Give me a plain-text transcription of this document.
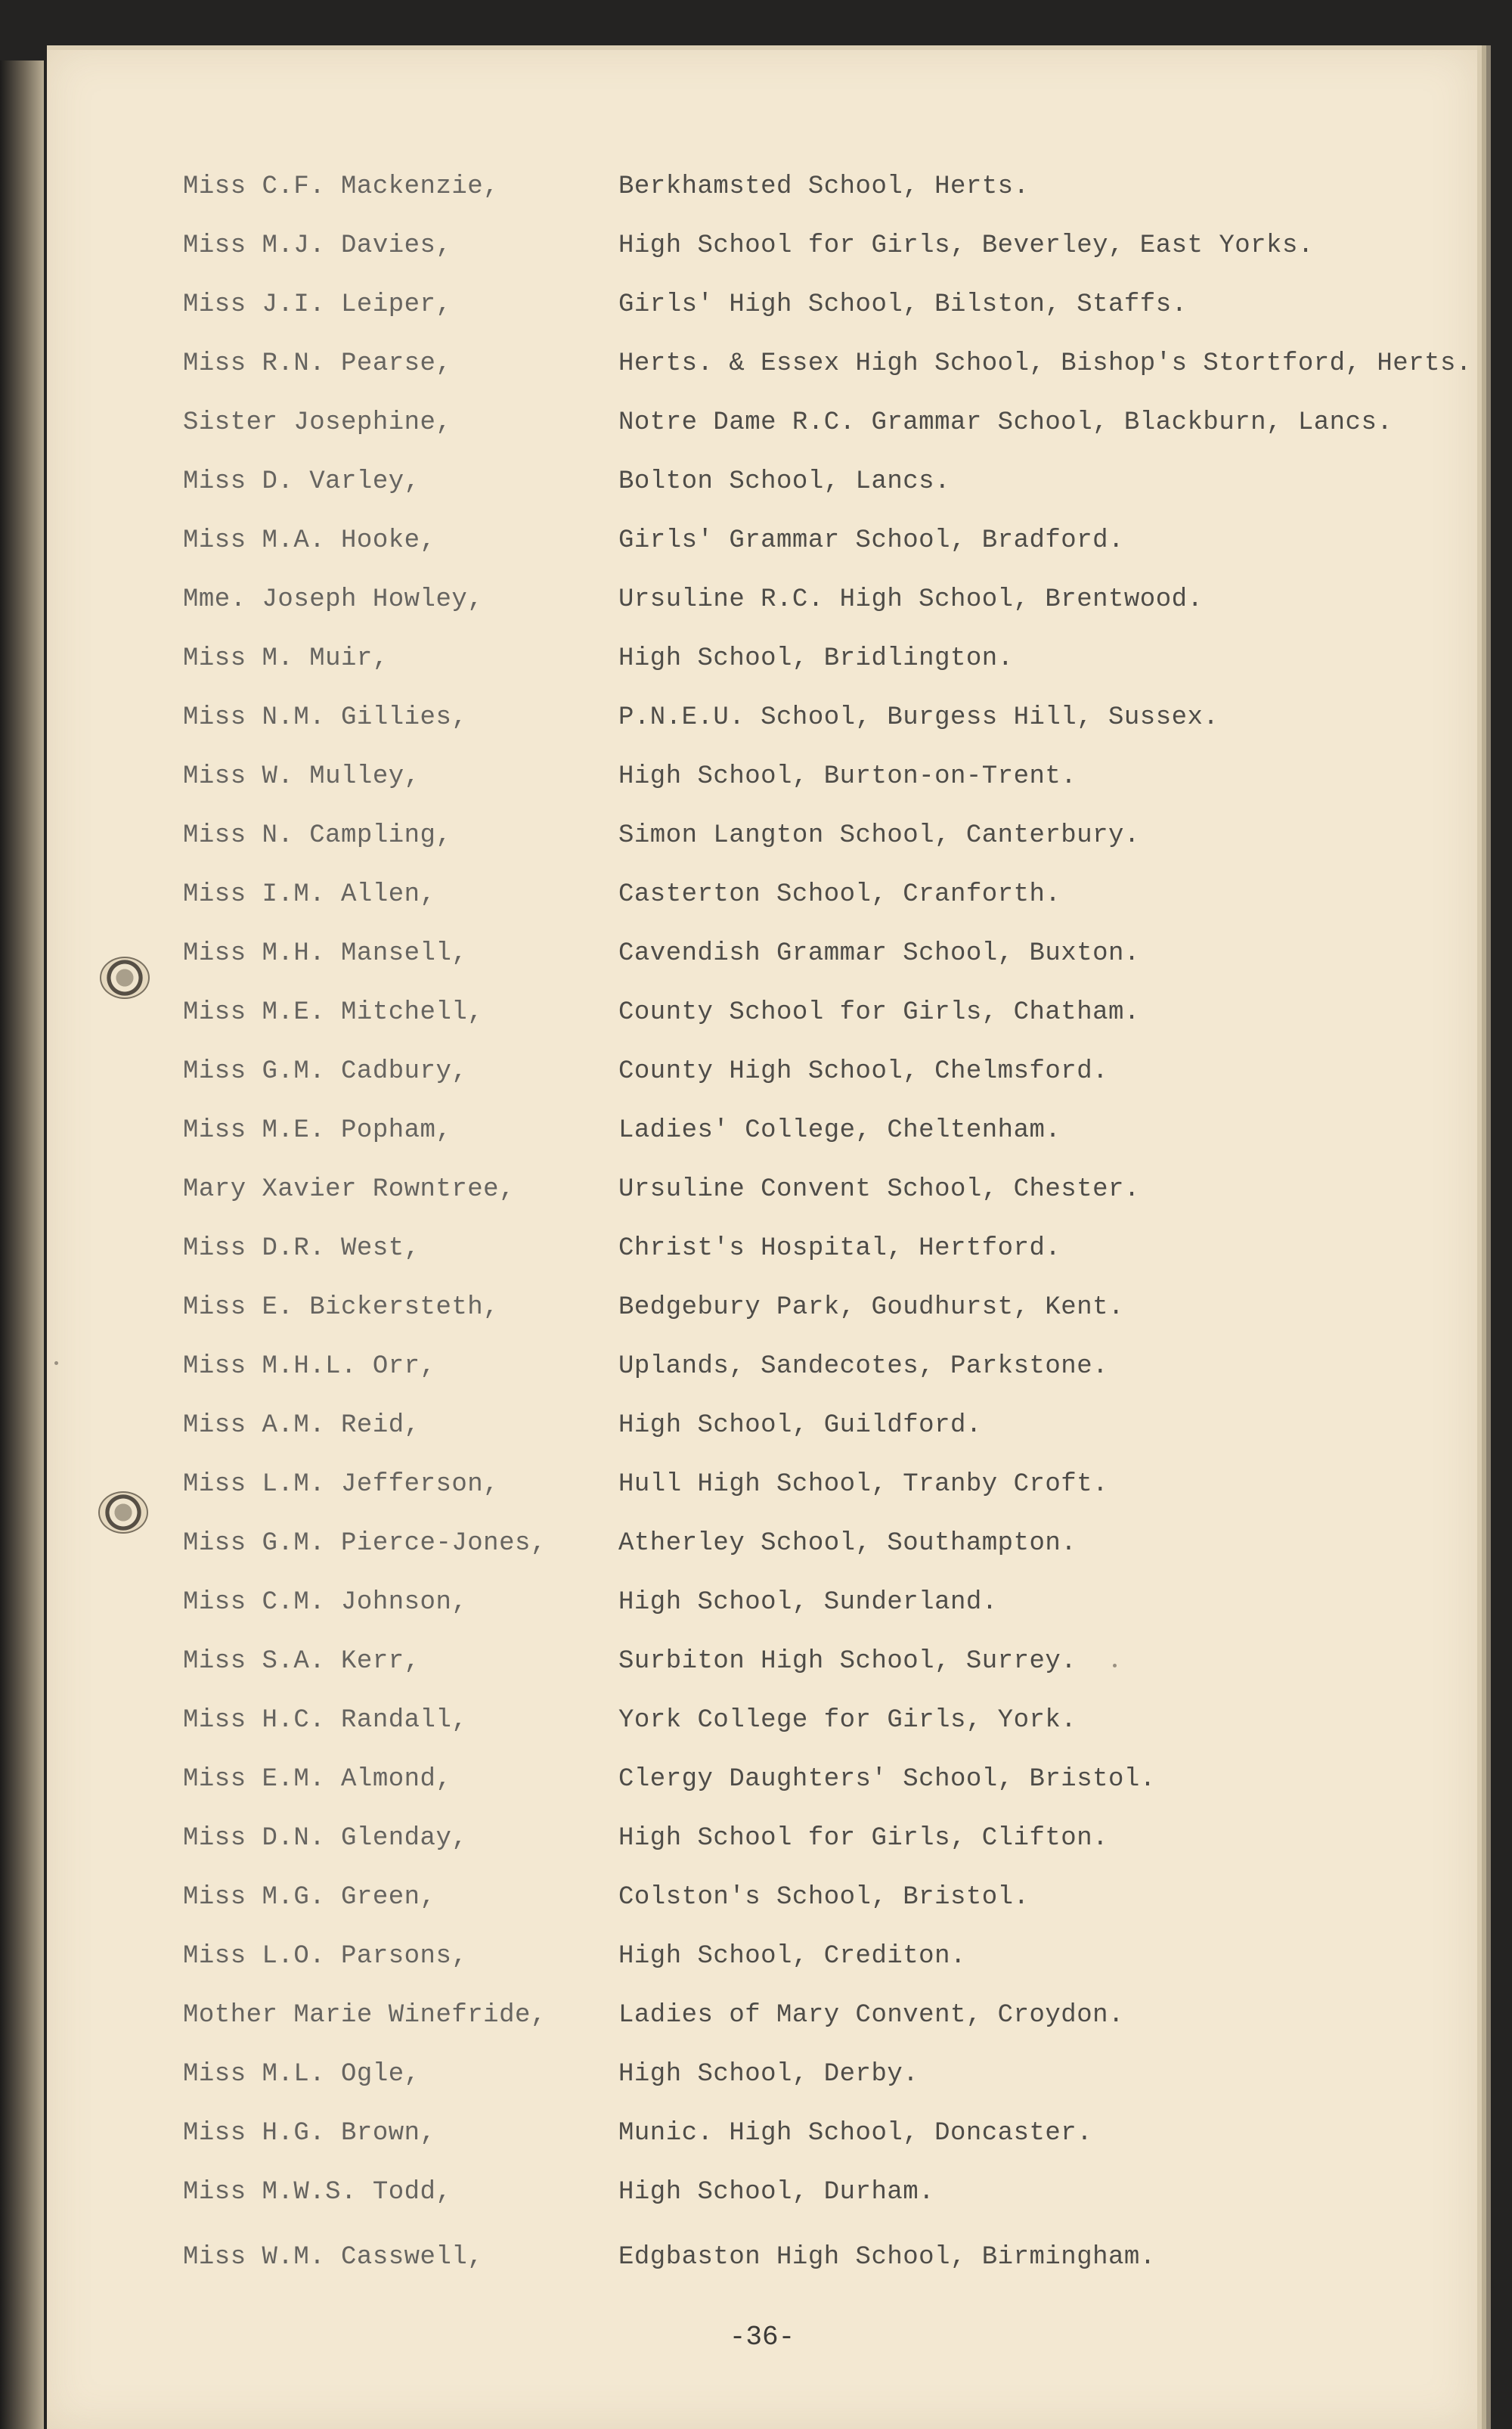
Miss C.F. Mackenzie,	Berkhamsted School, Herts.
Miss M.J. Davies,	High School for Girls, Beverley, East Yorks.
Miss J.I. Leiper,	Girls' High School, Bilston, Staffs.
Miss R.N. Pearse,	Herts. & Essex High School, Bishop's Stortford, Herts.
Sister Josephine,	Notre Dame R.C. Grammar School, Blackburn, Lancs.
Miss D. Varley,	Bolton School, Lancs.
Miss M.A. Hooke,	Girls' Grammar School, Bradford.
Mme. Joseph Howley,	Ursuline R.C. High School, Brentwood.
Miss M. Muir,	High School, Bridlington.
Miss N.M. Gillies,	P.N.E.U. School, Burgess Hill, Sussex.
Miss W. Mulley,	High School, Burton-on-Trent.
Miss N. Campling,	Simon Langton School, Canterbury.
Miss I.M. Allen,	Casterton School, Cranforth.
Miss M.H. Mansell,	Cavendish Grammar School, Buxton.
Miss M.E. Mitchell,	County School for Girls, Chatham.
Miss G.M. Cadbury,	County High School, Chelmsford.
Miss M.E. Popham,	Ladies' College, Cheltenham.
Mary Xavier Rowntree,	Ursuline Convent School, Chester.
Miss D.R. West,	Christ's Hospital, Hertford.
Miss E. Bickersteth,	Bedgebury Park, Goudhurst, Kent.
Miss M.H.L. Orr,	Uplands, Sandecotes, Parkstone.
Miss A.M. Reid,	High School, Guildford.
Miss L.M. Jefferson,	Hull High School, Tranby Croft.
Miss G.M. Pierce-Jones,	Atherley School, Southampton.
Miss C.M. Johnson,	High School, Sunderland.
Miss S.A. Kerr,	Surbiton High School, Surrey.
Miss H.C. Randall,	York College for Girls, York.
Miss E.M. Almond,	Clergy Daughters' School, Bristol.
Miss D.N. Glenday,	High School for Girls, Clifton.
Miss M.G. Green,	Colston's School, Bristol.
Miss L.O. Parsons,	High School, Crediton.
Mother Marie Winefride,	Ladies of Mary Convent, Croydon.
Miss M.L. Ogle,	High School, Derby.
Miss H.G. Brown,	Munic. High School, Doncaster.
Miss M.W.S. Todd,	High School, Durham.
Miss W.M. Casswell,	Edgbaston High School, Birmingham.
-36-
